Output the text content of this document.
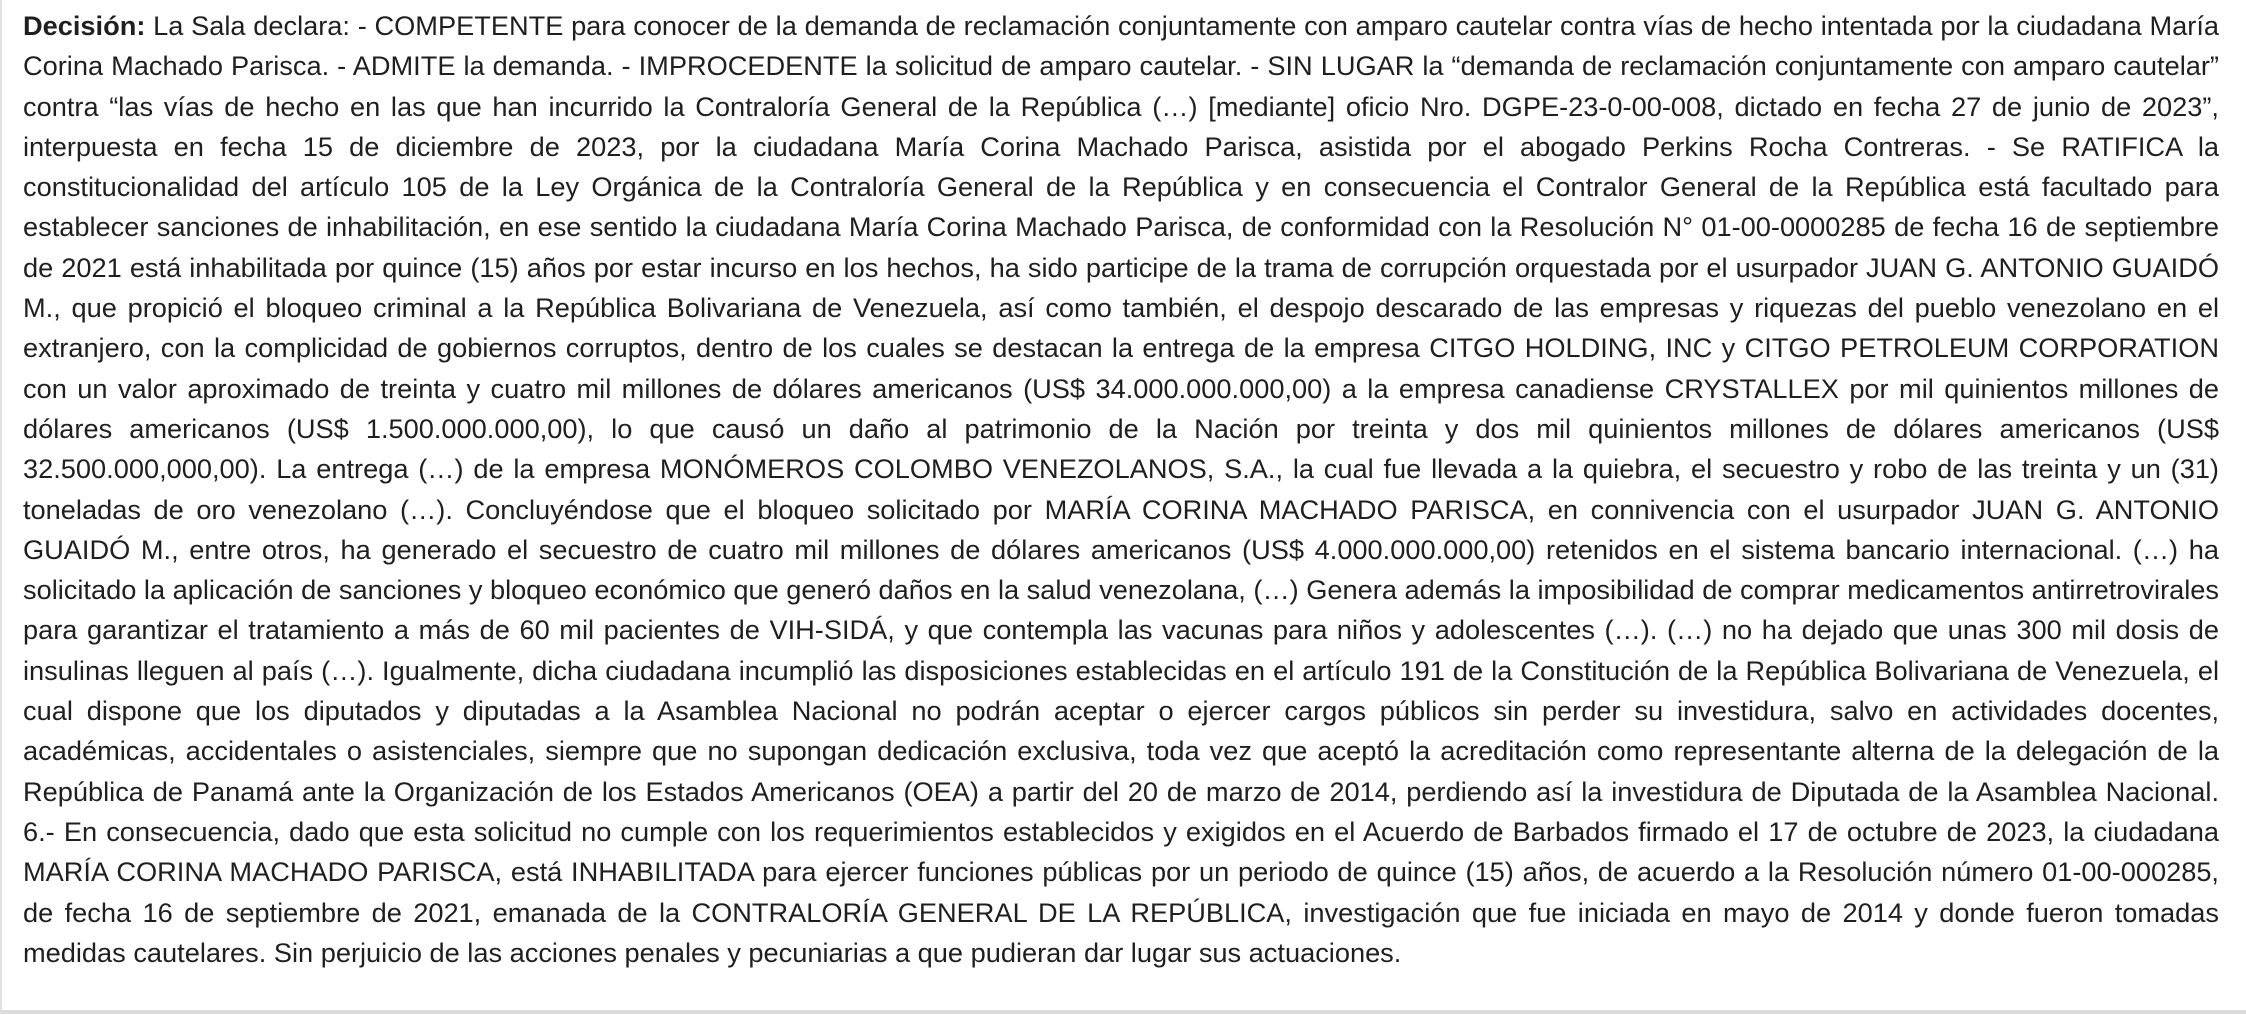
Decisión: La Sala declara: - COMPETENTE para conocer de la demanda de reclamación conjuntamente con amparo cautelar contra vías de hecho intentada por la ciudadana María Corina Machado Parisca. - ADMITE la demanda. - IMPROCEDENTE la solicitud de amparo cautelar. - SIN LUGAR la “demanda de reclamación conjuntamente con amparo cautelar” contra “las vías de hecho en las que han incurrido la Contraloría General de la República (…) [mediante] oficio Nro. DGPE-23-0-00-008, dictado en fecha 27 de junio de 2023”, interpuesta en fecha 15 de diciembre de 2023, por la ciudadana María Corina Machado Parisca, asistida por el abogado Perkins Rocha Contreras. - Se RATIFICA la constitucionalidad del artículo 105 de la Ley Orgánica de la Contraloría General de la República y en consecuencia el Contralor General de la República está facultado para establecer sanciones de inhabilitación, en ese sentido la ciudadana María Corina Machado Parisca, de conformidad con la Resolución N° 01-00-0000285 de fecha 16 de septiembre de 2021 está inhabilitada por quince (15) años por estar incurso en los hechos, ha sido participe de la trama de corrupción orquestada por el usurpador JUAN G. ANTONIO GUAIDÓ M., que propició el bloqueo criminal a la República Bolivariana de Venezuela, así como también, el despojo descarado de las empresas y riquezas del pueblo venezolano en el extranjero, con la complicidad de gobiernos corruptos, dentro de los cuales se destacan la entrega de la empresa CITGO HOLDING, INC y CITGO PETROLEUM CORPORATION con un valor aproximado de treinta y cuatro mil millones de dólares americanos (US$ 34.000.000.000,00) a la empresa canadiense CRYSTALLEX por mil quinientos millones de dólares americanos (US$ 1.500.000.000,00), lo que causó un daño al patrimonio de la Nación por treinta y dos mil quinientos millones de dólares americanos (US$ 32.500.000,000,00). La entrega (…) de la empresa MONÓMEROS COLOMBO VENEZOLANOS, S.A., la cual fue llevada a la quiebra, el secuestro y robo de las treinta y un (31) toneladas de oro venezolano (…). Concluyéndose que el bloqueo solicitado por MARÍA CORINA MACHADO PARISCA, en connivencia con el usurpador JUAN G. ANTONIO GUAIDÓ M., entre otros, ha generado el secuestro de cuatro mil millones de dólares americanos (US$ 4.000.000.000,00) retenidos en el sistema bancario internacional. (…) ha solicitado la aplicación de sanciones y bloqueo económico que generó daños en la salud venezolana, (…) Genera además la imposibilidad de comprar medicamentos antirretrovirales para garantizar el tratamiento a más de 60 mil pacientes de VIH-SIDÁ, y que contempla las vacunas para niños y adolescentes (…). (…) no ha dejado que unas 300 mil dosis de insulinas lleguen al país (…). Igualmente, dicha ciudadana incumplió las disposiciones establecidas en el artículo 191 de la Constitución de la República Bolivariana de Venezuela, el cual dispone que los diputados y diputadas a la Asamblea Nacional no podrán aceptar o ejercer cargos públicos sin perder su investidura, salvo en actividades docentes, académicas, accidentales o asistenciales, siempre que no supongan dedicación exclusiva, toda vez que aceptó la acreditación como representante alterna de la delegación de la República de Panamá ante la Organización de los Estados Americanos (OEA) a partir del 20 de marzo de 2014, perdiendo así la investidura de Diputada de la Asamblea Nacional. 6.- En consecuencia, dado que esta solicitud no cumple con los requerimientos establecidos y exigidos en el Acuerdo de Barbados firmado el 17 de octubre de 2023, la ciudadana MARÍA CORINA MACHADO PARISCA, está INHABILITADA para ejercer funciones públicas por un periodo de quince (15) años, de acuerdo a la Resolución número 01-00-000285, de fecha 16 de septiembre de 2021, emanada de la CONTRALORÍA GENERAL DE LA REPÚBLICA, investigación que fue iniciada en mayo de 2014 y donde fueron tomadas medidas cautelares. Sin perjuicio de las acciones penales y pecuniarias a que pudieran dar lugar sus actuaciones.
